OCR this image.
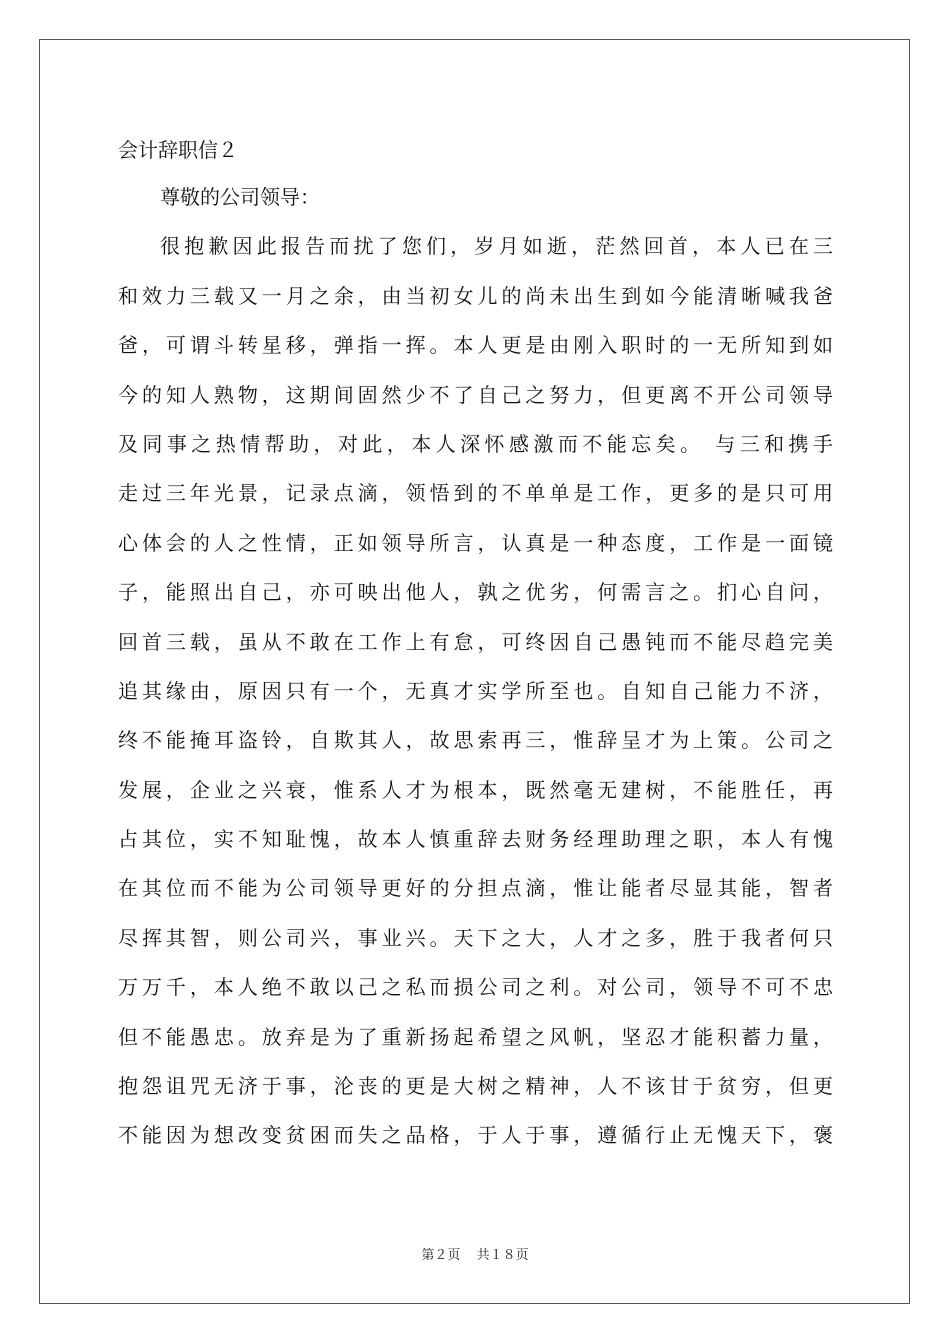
会计辞职信２
尊敬的公司领导：
很抱歉因此报告而扰了您们，岁月如逝，茫然回首，本人已在三
和效力三载又一月之余，由当初女儿的尚未出生到如今能清晰喊我爸
爸，可谓斗转星移，弹指一挥。本人更是由刚入职时的一无所知到如
今的知人熟物，这期间固然少不了自己之努力，但更离不开公司领导
及同事之热情帮助，对此，本人深怀感激而不能忘矣。 与三和携手
走过三年光景，记录点滴，领悟到的不单单是工作，更多的是只可用
心体会的人之性情，正如领导所言，认真是一种态度，工作是一面镜
子，能照出自己，亦可映出他人，孰之优劣，何需言之。扪心自问，
回首三载，虽从不敢在工作上有怠，可终因自己愚钝而不能尽趋完美
追其缘由，原因只有一个，无真才实学所至也。自知自己能力不济，
终不能掩耳盗铃，自欺其人，故思索再三，惟辞呈才为上策。公司之
发展，企业之兴衰，惟系人才为根本，既然毫无建树，不能胜任，再
占其位，实不知耻愧，故本人慎重辞去财务经理助理之职，本人有愧
在其位而不能为公司领导更好的分担点滴，惟让能者尽显其能，智者
尽挥其智，则公司兴，事业兴。天下之大，人才之多，胜于我者何只
万万千，本人绝不敢以己之私而损公司之利。对公司，领导不可不忠
但不能愚忠。放弃是为了重新扬起希望之风帆，坚忍才能积蓄力量，
抱怨诅咒无济于事，沦丧的更是大树之精神，人不该甘于贫穷，但更
不能因为想改变贫困而失之品格，于人于事，遵循行止无愧天下，褒
第２页 共１８页
